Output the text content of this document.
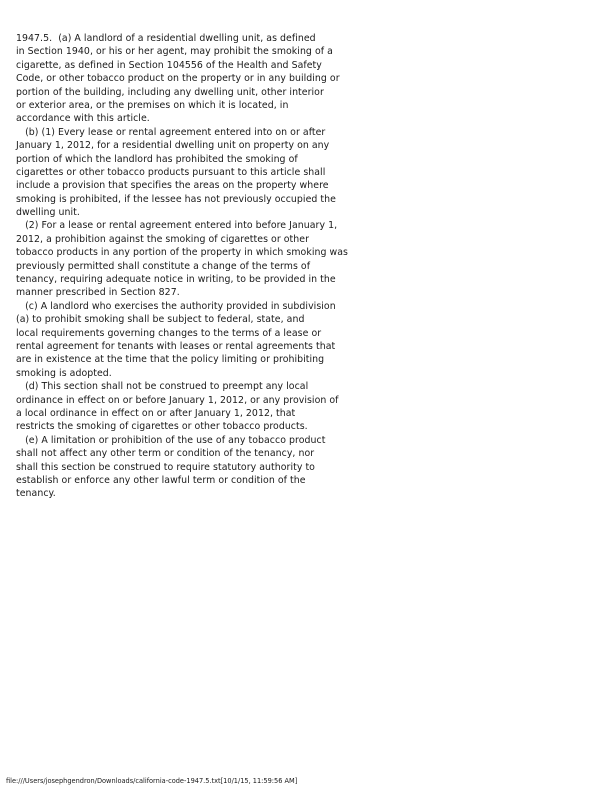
1947.5.  (a) A landlord of a residential dwelling unit, as defined
in Section 1940, or his or her agent, may prohibit the smoking of a
cigarette, as defined in Section 104556 of the Health and Safety
Code, or other tobacco product on the property or in any building or
portion of the building, including any dwelling unit, other interior
or exterior area, or the premises on which it is located, in
accordance with this article.
(b) (1) Every lease or rental agreement entered into on or after
January 1, 2012, for a residential dwelling unit on property on any
portion of which the landlord has prohibited the smoking of
cigarettes or other tobacco products pursuant to this article shall
include a provision that specifies the areas on the property where
smoking is prohibited, if the lessee has not previously occupied the
dwelling unit.
(2) For a lease or rental agreement entered into before January 1,
2012, a prohibition against the smoking of cigarettes or other
tobacco products in any portion of the property in which smoking was
previously permitted shall constitute a change of the terms of
tenancy, requiring adequate notice in writing, to be provided in the
manner prescribed in Section 827.
(c) A landlord who exercises the authority provided in subdivision
(a) to prohibit smoking shall be subject to federal, state, and
local requirements governing changes to the terms of a lease or
rental agreement for tenants with leases or rental agreements that
are in existence at the time that the policy limiting or prohibiting
smoking is adopted.
(d) This section shall not be construed to preempt any local
ordinance in effect on or before January 1, 2012, or any provision of
a local ordinance in effect on or after January 1, 2012, that
restricts the smoking of cigarettes or other tobacco products.
(e) A limitation or prohibition of the use of any tobacco product
shall not affect any other term or condition of the tenancy, nor
shall this section be construed to require statutory authority to
establish or enforce any other lawful term or condition of the
tenancy.
file:///Users/josephgendron/Downloads/california-code-1947.5.txt[10/1/15, 11:59:56 AM]
